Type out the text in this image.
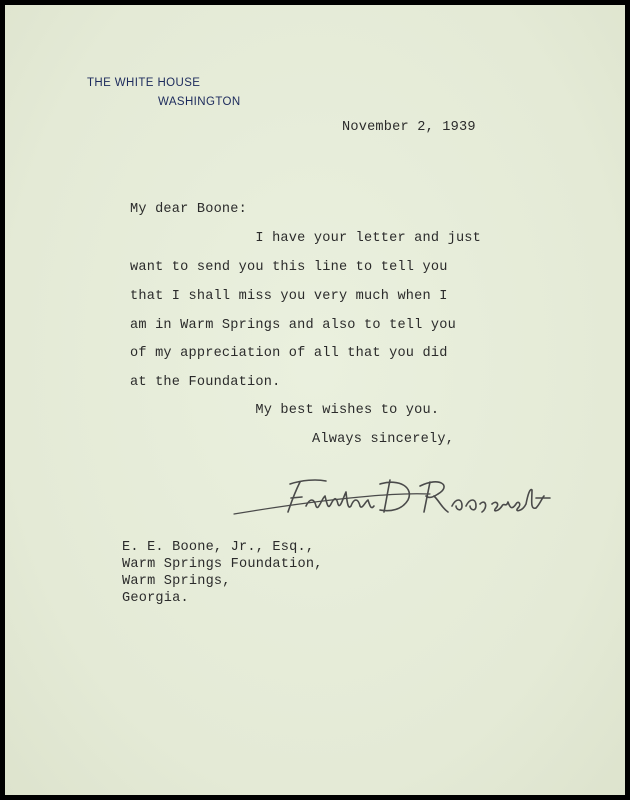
THE WHITE HOUSE
WASHINGTON
November 2, 1939
My dear Boone:
I have your letter and just
want to send you this line to tell you
that I shall miss you very much when I
am in Warm Springs and also to tell you
of my appreciation of all that you did
at the Foundation.
My best wishes to you.
Always sincerely,
E. E. Boone, Jr., Esq.,
Warm Springs Foundation,
Warm Springs,
Georgia.
